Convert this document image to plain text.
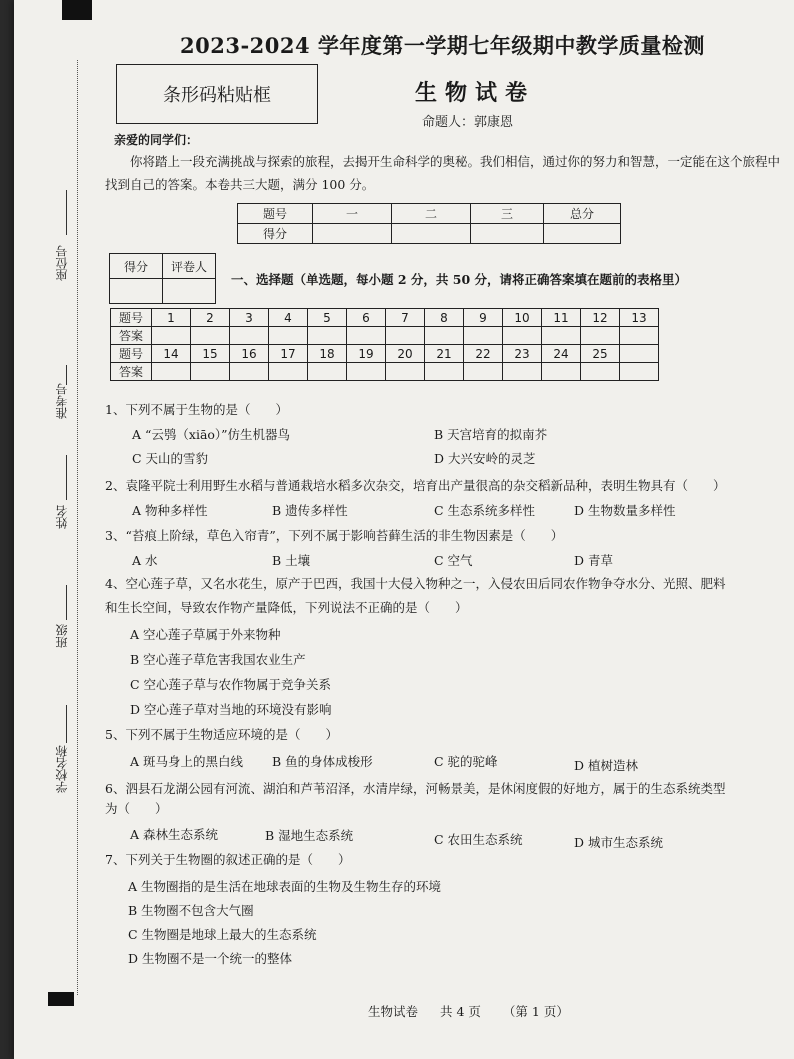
座位号
准考号
姓名
班级
学校名称
2023-2024 学年度第一学期七年级期中教学质量检测
条形码粘贴框	生物试卷
命题人：郭康恩
亲爱的同学们：
你将踏上一段充满挑战与探索的旅程，去揭开生命科学的奥秘。我们相信，通过你的努力和智慧，一定能在这个旅程中找到自己的答案。本卷共三大题，满分 100 分。
题号	一	二	三	总分
得分				
得分	评卷人

一、选择题（单选题，每小题 2 分，共 50 分，请将正确答案填在题前的表格里）
题号	1	2	3	4	5	6	7	8	9	10	11	12	13
答案													
题号	14	15	16	17	18	19	20	21	22	23	24	25	
答案													
1、下列不属于生物的是（　　）
A “云鸮（xiāo）”仿生机器鸟	B 天宫培育的拟南芥
C 天山的雪豹	D 大兴安岭的灵芝
2、袁隆平院士利用野生水稻与普通栽培水稻多次杂交，培育出产量很高的杂交稻新品种，表明生物具有（　　）
A 物种多样性	B 遗传多样性	C 生态系统多样性	D 生物数量多样性
3、“苔痕上阶绿，草色入帘青”，下列不属于影响苔藓生活的非生物因素是（　　）
A 水	B 土壤	C 空气	D 青草
4、空心莲子草，又名水花生，原产于巴西，我国十大侵入物种之一，入侵农田后同农作物争夺水分、光照、肥料
和生长空间，导致农作物产量降低，下列说法不正确的是（　　）
A 空心莲子草属于外来物种
B 空心莲子草危害我国农业生产
C 空心莲子草与农作物属于竞争关系
D 空心莲子草对当地的环境没有影响
5、下列不属于生物适应环境的是（　　）
A 斑马身上的黑白线 B 鱼的身体成梭形	C 驼的驼峰	D 植树造林
6、泗县石龙湖公园有河流、湖泊和芦苇沼泽，水清岸绿，河畅景美，是休闲度假的好地方，属于的生态系统类型
为（　　）
A 森林生态系统	B 湿地生态系统	C 农田生态系统	D 城市生态系统
7、下列关于生物圈的叙述正确的是（　　）
A 生物圈指的是生活在地球表面的生物及生物生存的环境
B 生物圈不包含大气圈
C 生物圈是地球上最大的生态系统
D 生物圈不是一个统一的整体
生物试卷 共 4 页 （第 1 页）
